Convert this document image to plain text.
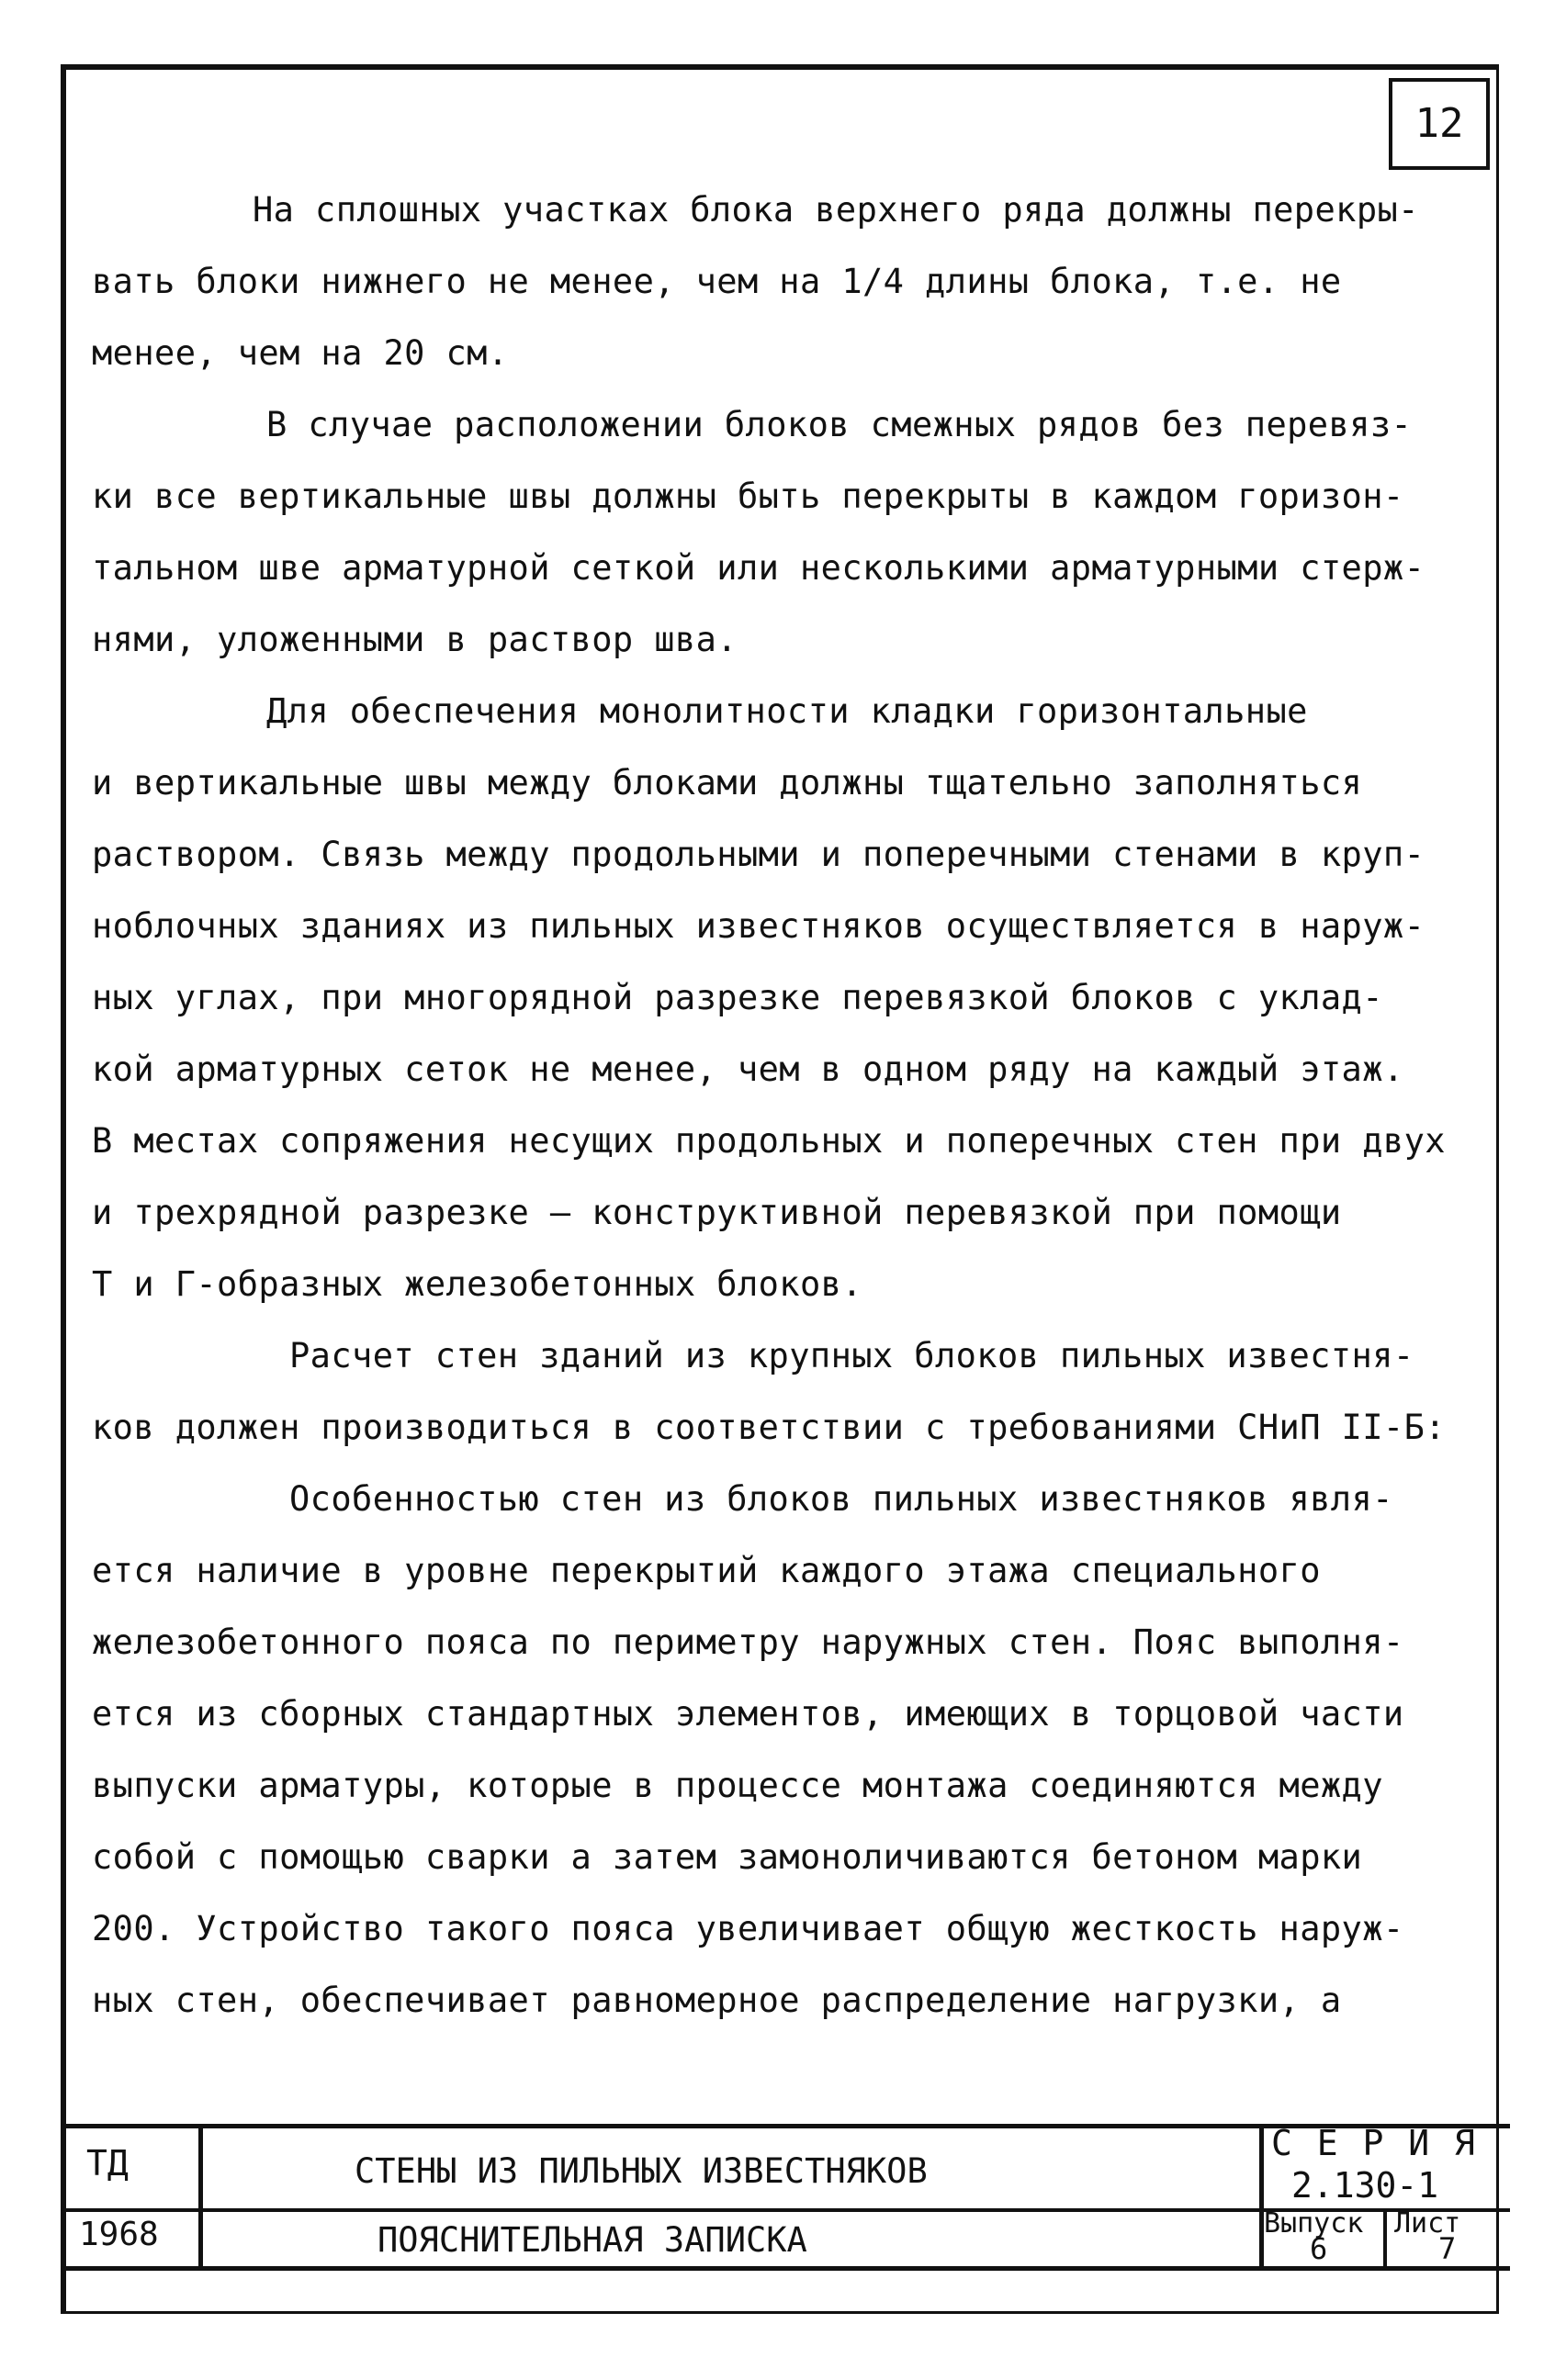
12
На сплошных участках блока верхнего ряда должны перекры-
вать блоки нижнего не менее, чем на 1/4 длины блока, т.е. не
менее, чем на 20 см.
В случае расположении блоков смежных рядов без перевяз-
ки все вертикальные швы должны быть перекрыты в каждом горизон-
тальном шве арматурной сеткой или несколькими арматурными стерж-
нями, уложенными в раствор шва.
Для обеспечения монолитности кладки горизонтальные
и вертикальные швы между блоками должны тщательно заполняться
раствором. Связь между продольными и поперечными стенами в круп-
ноблочных зданиях из пильных известняков осуществляется в наруж-
ных углах, при многорядной разрезке перевязкой блоков с уклад-
кой арматурных сеток не менее, чем в одном ряду на каждый этаж.
В местах сопряжения несущих продольных и поперечных стен при двух
и трехрядной разрезке – конструктивной перевязкой при помощи
Т и Г-образных железобетонных блоков.
Расчет стен зданий из крупных блоков пильных известня-
ков должен производиться в соответствии с требованиями СНиП II-Б:
Особенностью стен из блоков пильных известняков явля-
ется наличие в уровне перекрытий каждого этажа специального
железобетонного пояса по периметру наружных стен. Пояс выполня-
ется из сборных стандартных элементов, имеющих в торцовой части
выпуски арматуры, которые в процессе монтажа соединяются между
собой с помощью сварки а затем замоноличиваются бетоном марки
200. Устройство такого пояса увеличивает общую жесткость наруж-
ных стен, обеспечивает равномерное распределение нагрузки, а
ТД
1968
СТЕНЫ ИЗ ПИЛЬНЫХ ИЗВЕСТНЯКОВ
ПОЯСНИТЕЛЬНАЯ ЗАПИСКА
С Е Р И Я
2.130-1
Выпуск
6
Лист
7
